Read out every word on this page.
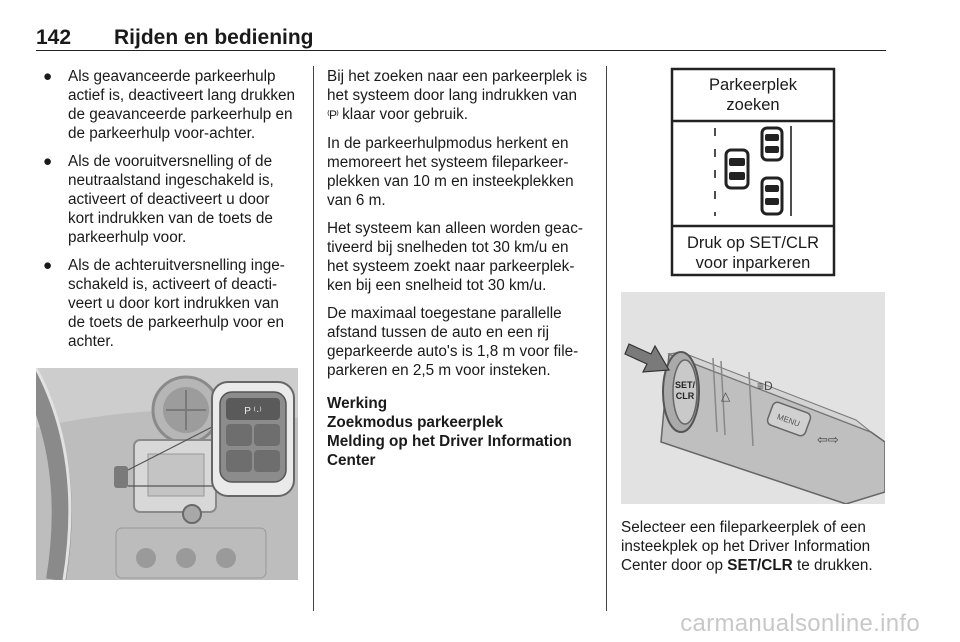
142 Rijden en bediening
● Als geavanceerde parkeerhulp actief is, deactiveert lang drukken de geavanceerde parkeerhulp en de parkeerhulp voor-achter.
● Als de vooruitversnelling of de neutraalstand ingeschakeld is, activeert of deactiveert u door kort indrukken van de toets de parkeerhulp voor.
● Als de achteruitversnelling inge-schakeld is, activeert of deacti-veert u door kort indrukken van de toets de parkeerhulp voor en achter.
P ⁽·⁾

Bij het zoeken naar een parkeerplek is het systeem door lang indrukken van ⁽P⁾ klaar voor gebruik.

In de parkeerhulpmodus herkent en memoreert het systeem fileparkeer-plekken van 10 m en insteekplekken van 6 m.

Het systeem kan alleen worden geac-tiveerd bij snelheden tot 30 km/u en het systeem zoekt naar parkeerplek-ken bij een snelheid tot 30 km/u.

De maximaal toegestane parallelle afstand tussen de auto en een rij geparkeerde auto's is 1,8 m voor file-parkeren en 2,5 m voor insteken.

Werking
Zoekmodus parkeerplek
Melding op het Driver Information Center
Parkeerplek
zoeken
Druk op SET/CLR
voor inparkeren
SET/
CLR
MENU
△
≡D
⇦⇨
Selecteer een fileparkeerplek of een insteekplek op het Driver Information Center door op SET/CLR te drukken.
carmanualsonline.info
